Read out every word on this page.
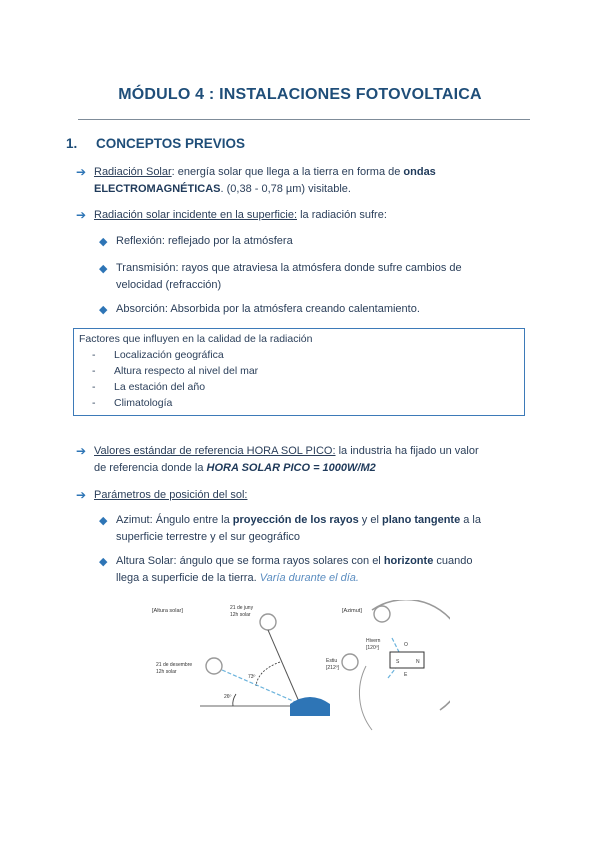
MÓDULO 4 : INSTALACIONES FOTOVOLTAICA
1. CONCEPTOS PREVIOS
➔ Radiación Solar: energía solar que llega a la tierra en forma de ondas
ELECTROMAGNÉTICAS. (0,38 - 0,78 µm) visitable.
➔ Radiación solar incidente en la superficie: la radiación sufre:
◆ Reflexión: reflejado por la atmósfera
◆ Transmisión: rayos que atraviesa la atmósfera donde sufre cambios de
velocidad (refracción)
◆ Absorción: Absorbida por la atmósfera creando calentamiento.
Factores que influyen en la calidad de la radiación
- Localización geográfica
- Altura respecto al nivel del mar
- La estación del año
- Climatología
➔ Valores estándar de referencia HORA SOL PICO: la industria ha fijado un valor
de referencia donde la HORA SOLAR PICO = 1000W/M2
➔ Parámetros de posición del sol:
◆ Azimut: Ángulo entre la proyección de los rayos y el plano tangente a la
superficie terrestre y el sur geográfico
◆ Altura Solar: ángulo que se forma rayos solares con el horizonte cuando
llega a superficie de la tierra. Varía durante el día.
[Altura solar]	21 de juny
12h solar
21 de desembre
12h solar
73º
26º
[Azimut]
Hivern
[120º]
Estiu
[212º]
O
S	N
E
